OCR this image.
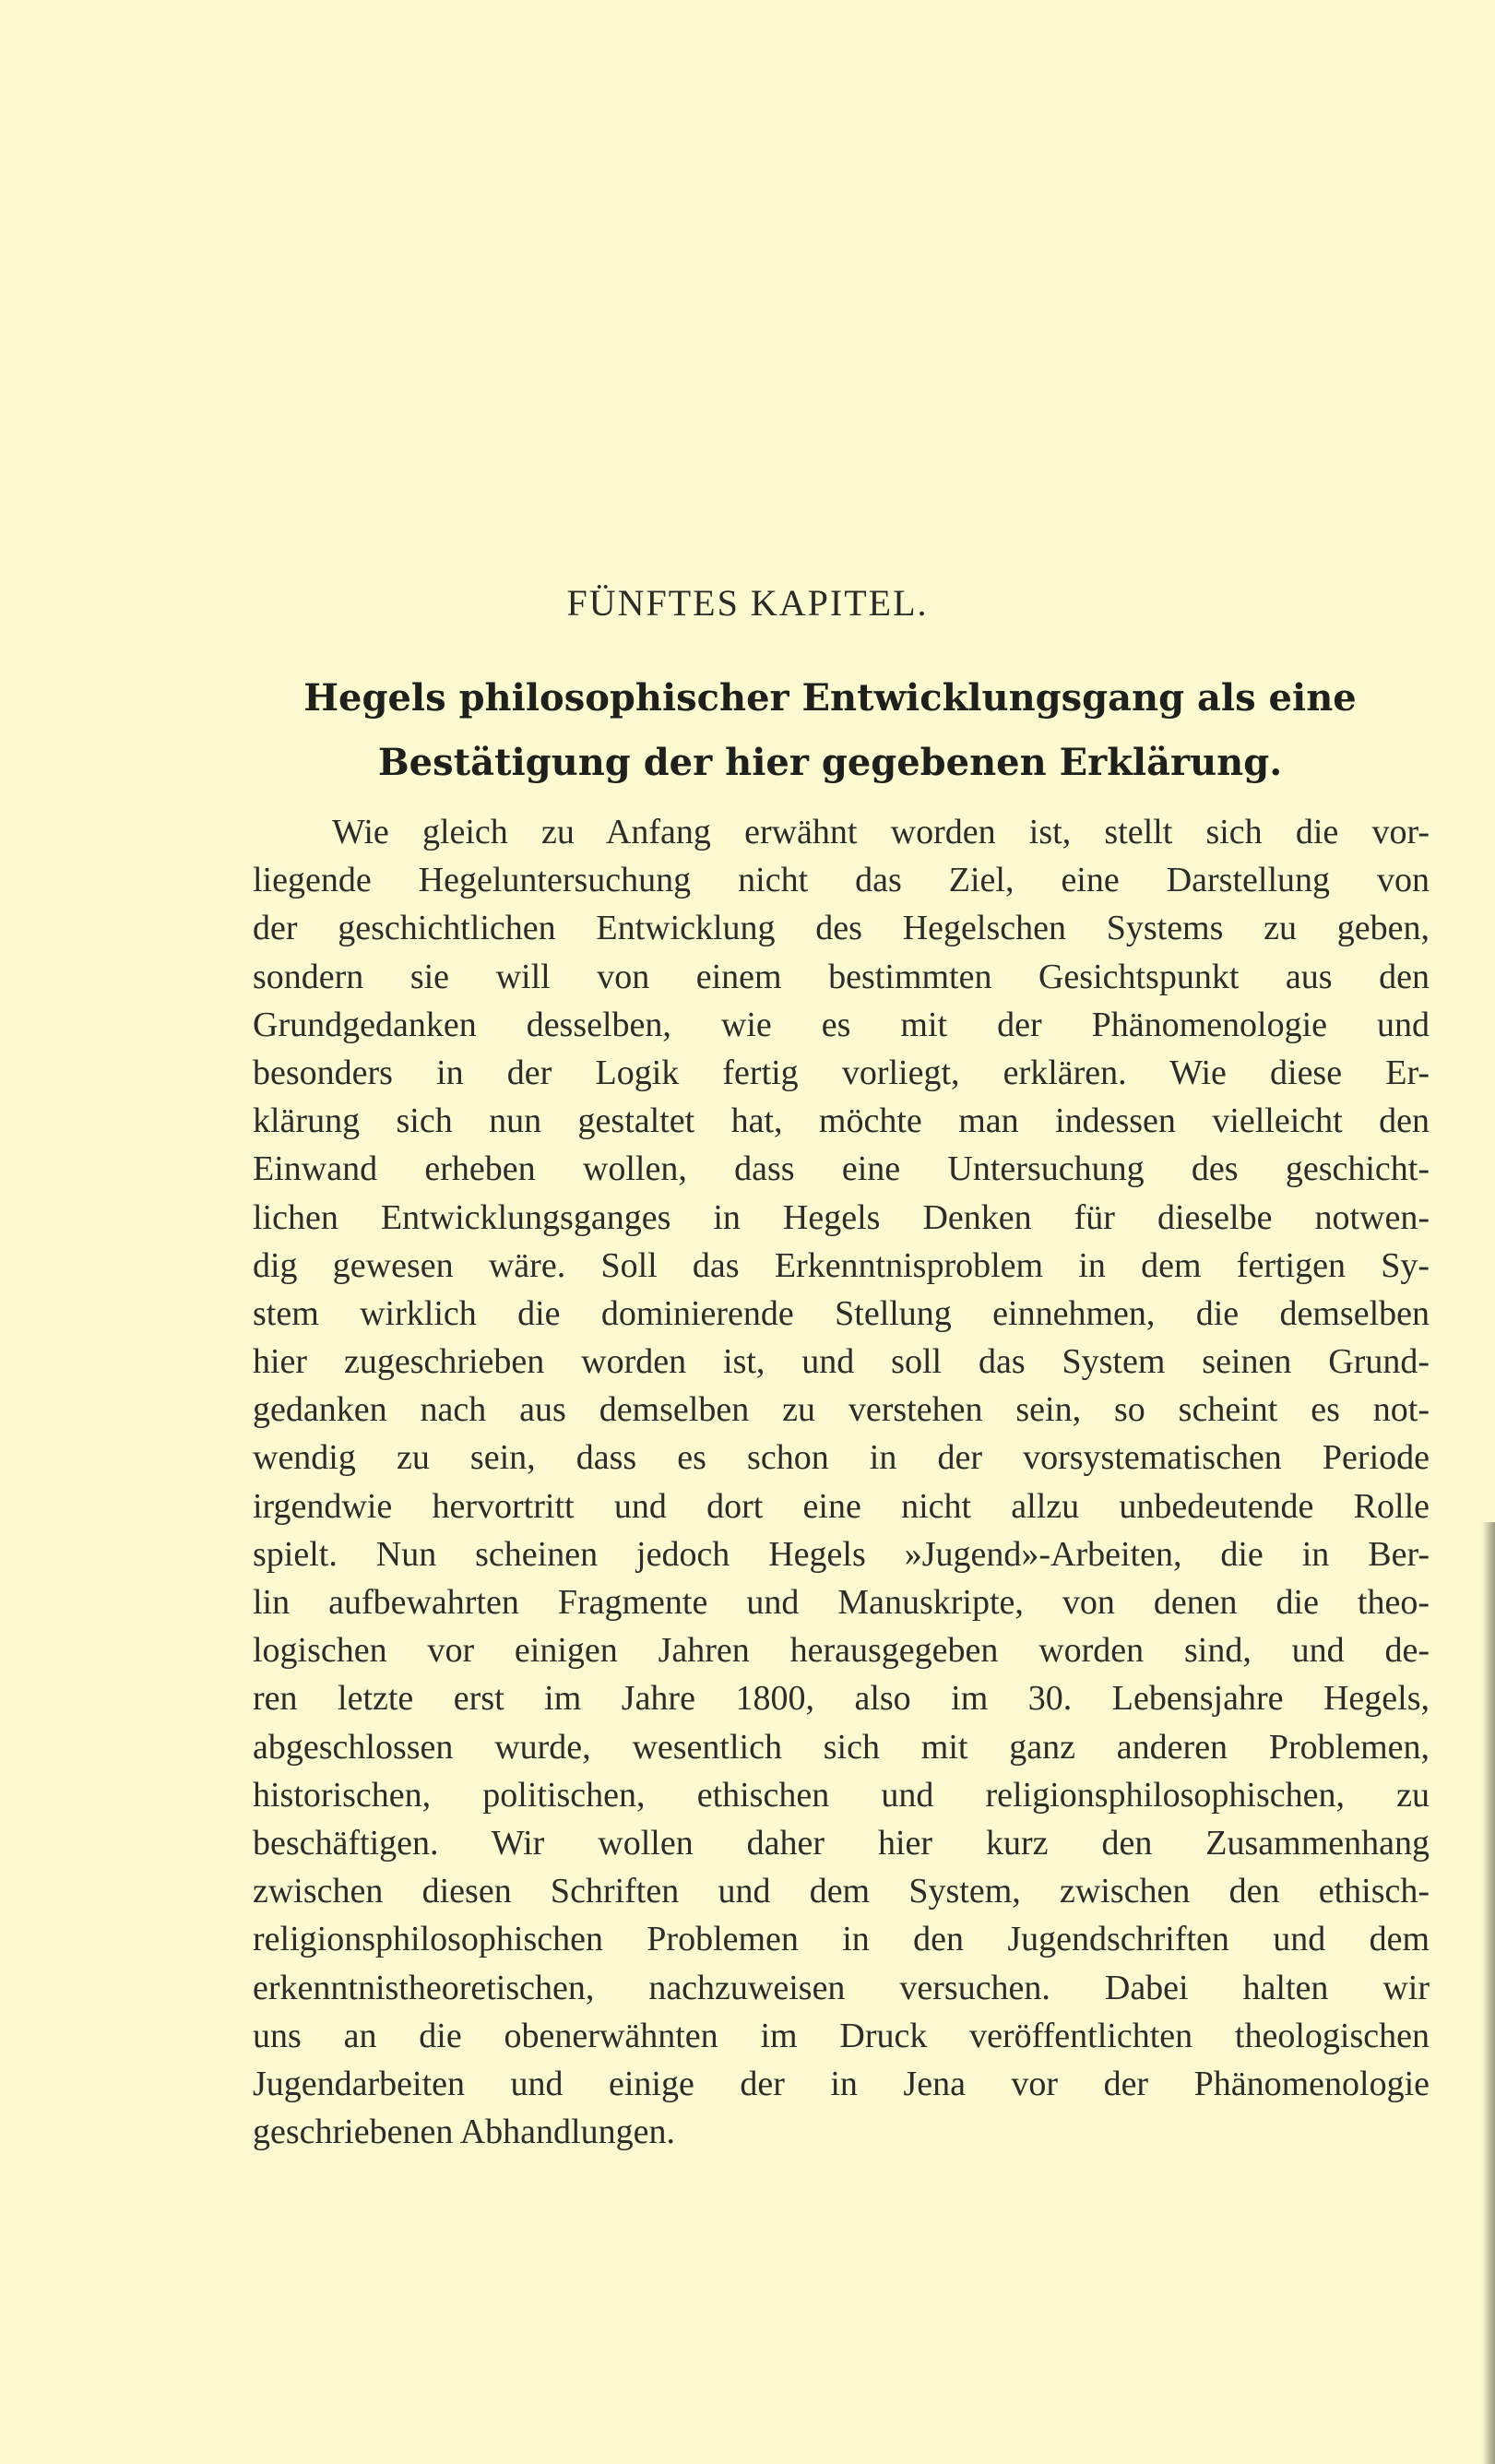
FÜNFTES KAPITEL.
Hegels philosophischer Entwicklungsgang als eine
Bestätigung der hier gegebenen Erklärung.
Wie gleich zu Anfang erwähnt worden ist, stellt sich die vor-
liegende Hegeluntersuchung nicht das Ziel, eine Darstellung von
der geschichtlichen Entwicklung des Hegelschen Systems zu geben,
sondern sie will von einem bestimmten Gesichtspunkt aus den
Grundgedanken desselben, wie es mit der Phänomenologie und
besonders in der Logik fertig vorliegt, erklären. Wie diese Er-
klärung sich nun gestaltet hat, möchte man indessen vielleicht den
Einwand erheben wollen, dass eine Untersuchung des geschicht-
lichen Entwicklungsganges in Hegels Denken für dieselbe notwen-
dig gewesen wäre. Soll das Erkenntnisproblem in dem fertigen Sy-
stem wirklich die dominierende Stellung einnehmen, die demselben
hier zugeschrieben worden ist, und soll das System seinen Grund-
gedanken nach aus demselben zu verstehen sein, so scheint es not-
wendig zu sein, dass es schon in der vorsystematischen Periode
irgendwie hervortritt und dort eine nicht allzu unbedeutende Rolle
spielt. Nun scheinen jedoch Hegels »Jugend»-Arbeiten, die in Ber-
lin aufbewahrten Fragmente und Manuskripte, von denen die theo-
logischen vor einigen Jahren herausgegeben worden sind, und de-
ren letzte erst im Jahre 1800, also im 30. Lebensjahre Hegels,
abgeschlossen wurde, wesentlich sich mit ganz anderen Problemen,
historischen, politischen, ethischen und religionsphilosophischen, zu
beschäftigen. Wir wollen daher hier kurz den Zusammenhang
zwischen diesen Schriften und dem System, zwischen den ethisch-
religionsphilosophischen Problemen in den Jugendschriften und dem
erkenntnistheoretischen, nachzuweisen versuchen. Dabei halten wir
uns an die obenerwähnten im Druck veröffentlichten theologischen
Jugendarbeiten und einige der in Jena vor der Phänomenologie
geschriebenen Abhandlungen.
